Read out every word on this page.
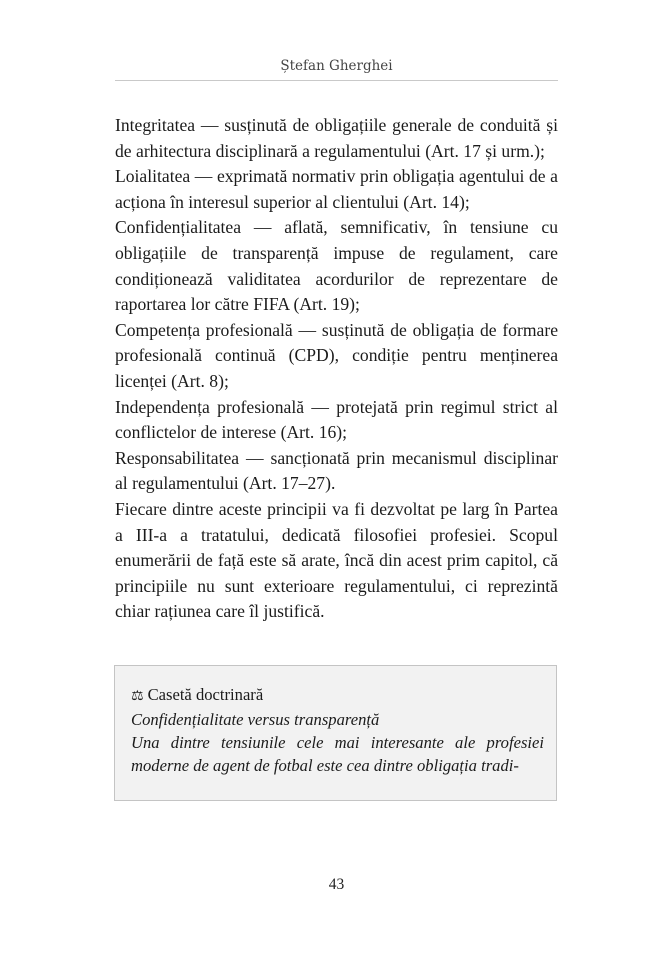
Ștefan Gherghei

Integritatea — susținută de obligațiile generale de conduită și de arhitectura disciplinară a regulamentului (Art. 17 și urm.);

Loialitatea — exprimată normativ prin obligația agentului de a acționa în interesul superior al clientului (Art. 14);

Confidențialitatea — aflată, semnificativ, în tensiune cu obligațiile de transparență impuse de regulament, care condiționează validitatea acordurilor de reprezentare de raportarea lor către FIFA (Art. 19);

Competența profesională — susținută de obligația de formare profesională continuă (CPD), condiție pentru menținerea licenței (Art. 8);

Independența profesională — protejată prin regimul strict al conflictelor de interese (Art. 16);

Responsabilitatea — sancționată prin mecanismul disciplinar al regulamentului (Art. 17–27).

Fiecare dintre aceste principii va fi dezvoltat pe larg în Partea a III-a a tratatului, dedicată filosofiei profesiei. Scopul enumerării de față este să arate, încă din acest prim capitol, că principiile nu sunt exterioare regulamentului, ci reprezintă chiar rațiunea care îl justifică.

⚖ Casetă doctrinară
Confidențialitate versus transparență
Una dintre tensiunile cele mai interesante ale profesiei moderne de agent de fotbal este cea dintre obligația tradi-
43
